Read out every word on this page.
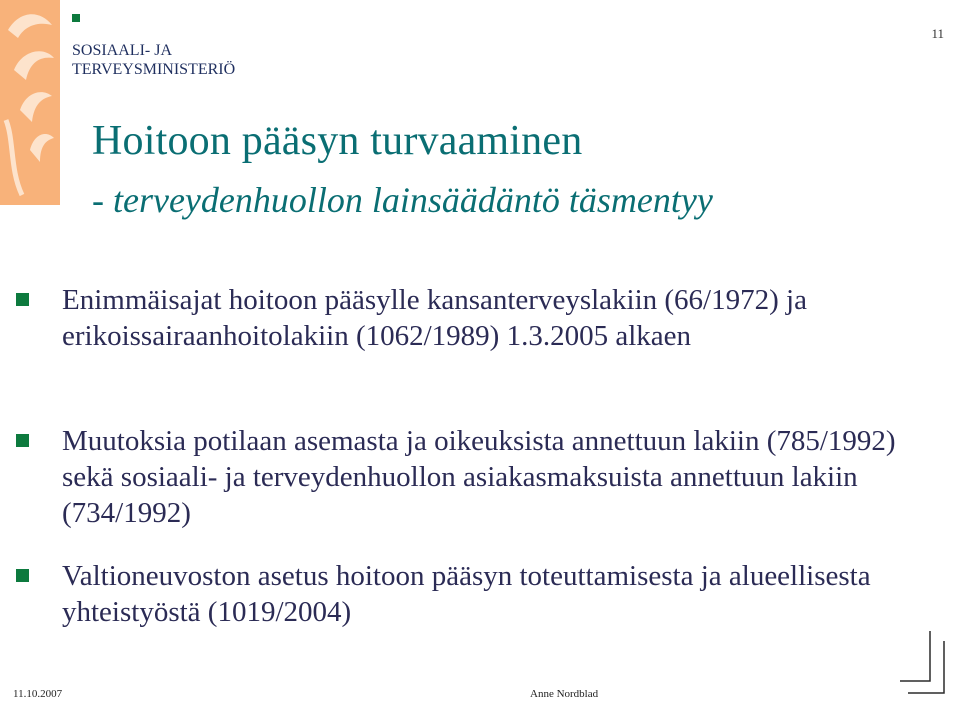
SOSIAALI- JA
TERVEYSMINISTERIÖ
11
Hoitoon pääsyn turvaaminen
- terveydenhuollon lainsäädäntö täsmentyy
Enimmäisajat hoitoon pääsylle kansanterveyslakiin (66/1972) ja erikoissairaanhoitolakiin (1062/1989) 1.3.2005 alkaen
Muutoksia potilaan asemasta ja oikeuksista annettuun lakiin (785/1992) sekä sosiaali- ja terveydenhuollon asiakasmaksuista annettuun lakiin (734/1992)
Valtioneuvoston asetus hoitoon pääsyn toteuttamisesta ja alueellisesta yhteistyöstä (1019/2004)
11.10.2007	Anne Nordblad
